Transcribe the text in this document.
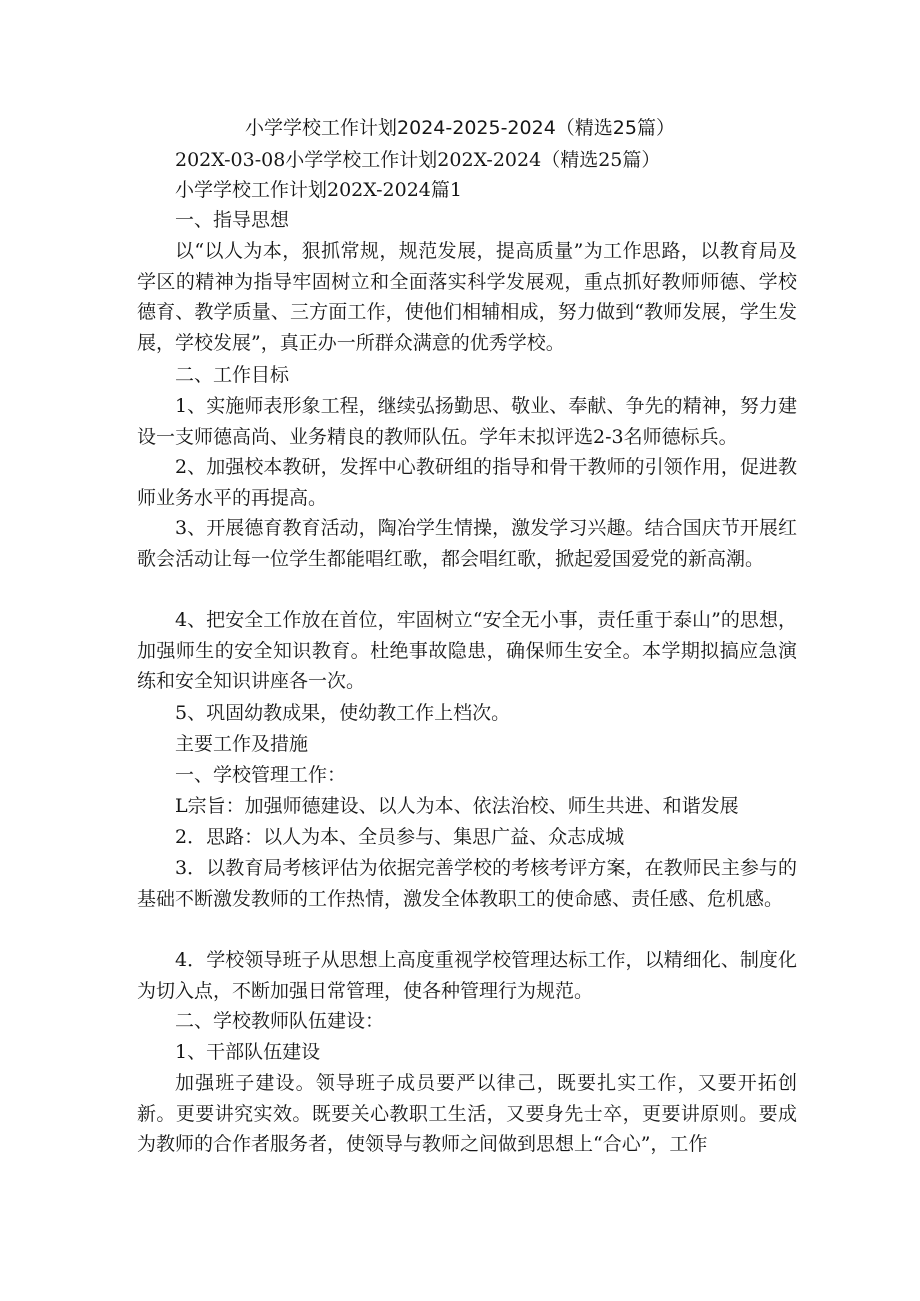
小学学校工作计划2024-2025-2024（精选25篇）
202X-03-08小学学校工作计划202X-2024（精选25篇）
小学学校工作计划202X-2024篇1
一、指导思想

以“以人为本，狠抓常规，规范发展，提高质量”为工作思路，以教育局及学区的精神为指导牢固树立和全面落实科学发展观，重点抓好教师师德、学校德育、教学质量、三方面工作，使他们相辅相成，努力做到“教师发展，学生发展，学校发展”，真正办一所群众满意的优秀学校。

二、工作目标

1、实施师表形象工程，继续弘扬勤思、敬业、奉献、争先的精神，努力建设一支师德高尚、业务精良的教师队伍。学年末拟评选2-3名师德标兵。

2、加强校本教研，发挥中心教研组的指导和骨干教师的引领作用，促进教师业务水平的再提高。

3、开展德育教育活动，陶冶学生情操，激发学习兴趣。结合国庆节开展红歌会活动让每一位学生都能唱红歌，都会唱红歌，掀起爱国爱党的新高潮。

4、把安全工作放在首位，牢固树立“安全无小事，责任重于泰山”的思想，加强师生的安全知识教育。杜绝事故隐患，确保师生安全。本学期拟搞应急演练和安全知识讲座各一次。

5、巩固幼教成果，使幼教工作上档次。

主要工作及措施
一、学校管理工作：
L宗旨：加强师德建设、以人为本、依法治校、师生共进、和谐发展
2．思路：以人为本、全员参与、集思广益、众志成城

3．以教育局考核评估为依据完善学校的考核考评方案，在教师民主参与的基础不断激发教师的工作热情，激发全体教职工的使命感、责任感、危机感。

4．学校领导班子从思想上高度重视学校管理达标工作，以精细化、制度化为切入点，不断加强日常管理，使各种管理行为规范。

二、学校教师队伍建设：
1、干部队伍建设

加强班子建设。领导班子成员要严以律己，既要扎实工作，又要开拓创新。更要讲究实效。既要关心教职工生活，又要身先士卒，更要讲原则。要成为教师的合作者服务者，使领导与教师之间做到思想上“合心”，工作
